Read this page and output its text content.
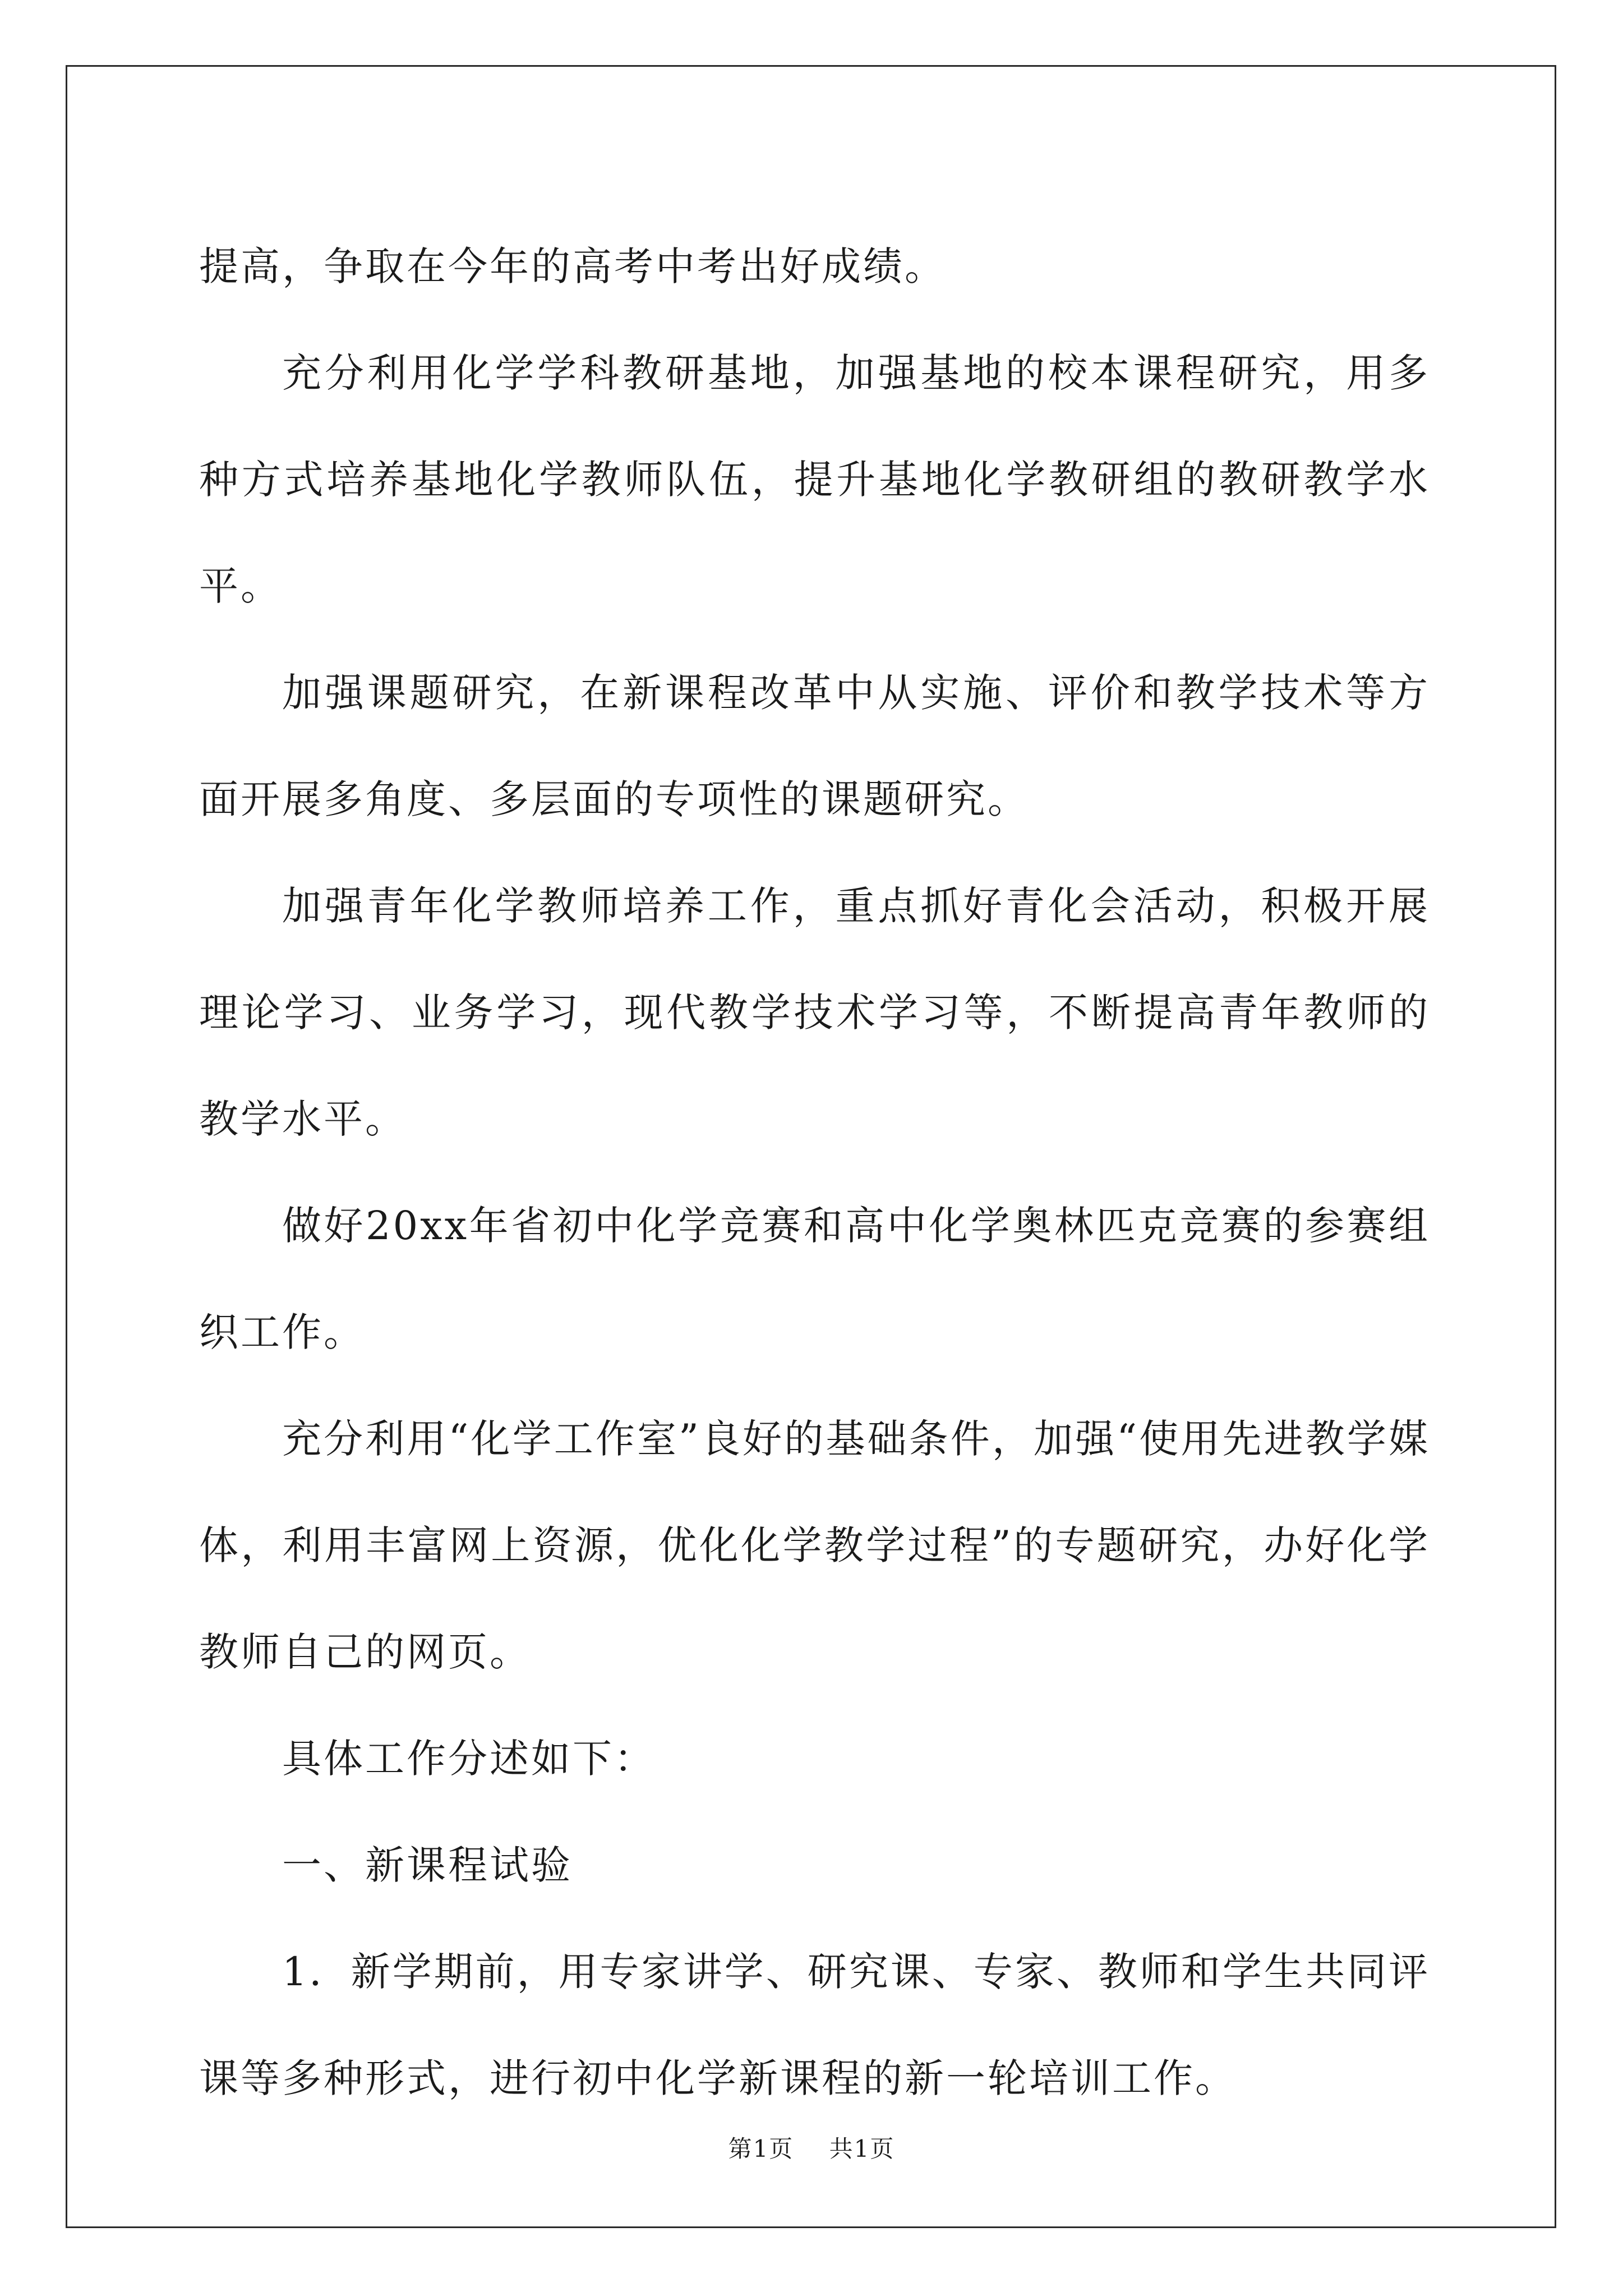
提高，争取在今年的高考中考出好成绩。

充分利用化学学科教研基地，加强基地的校本课程研究，用多种方式培养基地化学教师队伍，提升基地化学教研组的教研教学水平。

加强课题研究，在新课程改革中从实施、评价和教学技术等方面开展多角度、多层面的专项性的课题研究。

加强青年化学教师培养工作，重点抓好青化会活动，积极开展理论学习、业务学习，现代教学技术学习等，不断提高青年教师的教学水平。

做好20xx年省初中化学竞赛和高中化学奥林匹克竞赛的参赛组织工作。

充分利用“化学工作室”良好的基础条件，加强“使用先进教学媒体，利用丰富网上资源，优化化学教学过程”的专题研究，办好化学教师自己的网页。

具体工作分述如下：

一、新课程试验

1．新学期前，用专家讲学、研究课、专家、教师和学生共同评课等多种形式，进行初中化学新课程的新一轮培训工作。

第1页 共1页
